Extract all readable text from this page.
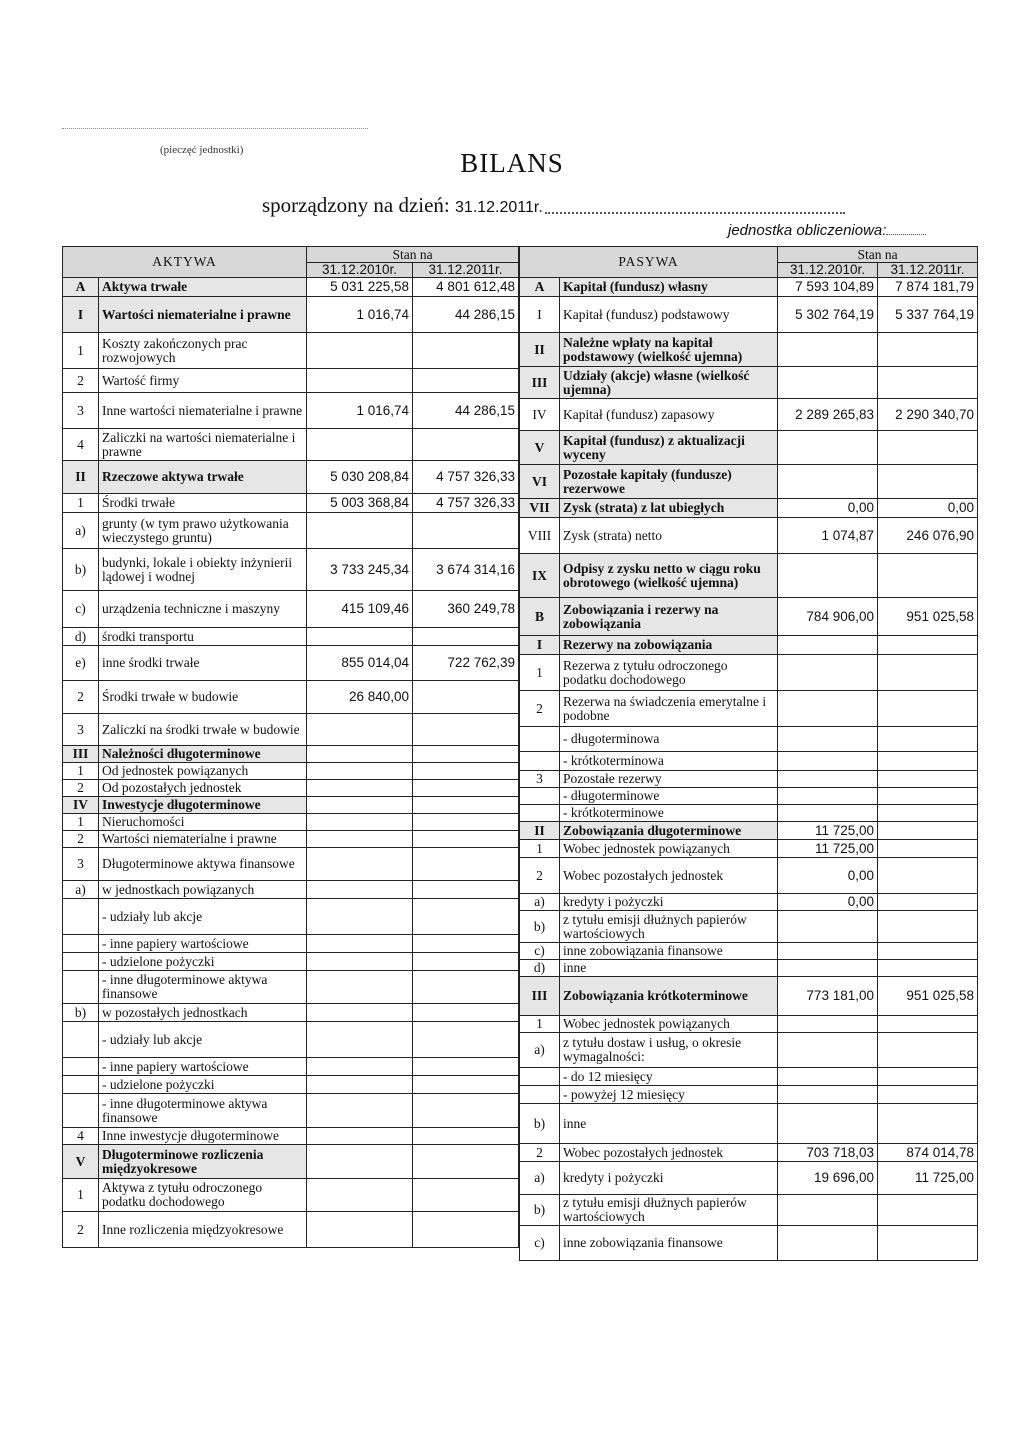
(pieczęć jednostki)	BILANS
sporządzony na dzień: 31.12.2011r.
jednostka obliczeniowa:
AKTYWA		Stan na	
		31.12.2010r.	31.12.2011r.
A	Aktywa trwałe	5 031 225,58	4 801 612,48
I	Wartości niematerialne i prawne	1 016,74	44 286,15
1	Koszty zakończonych prac rozwojowych		
2	Wartość firmy		
3	Inne wartości niematerialne i prawne	1 016,74	44 286,15
4	Zaliczki na wartości niematerialne i prawne		
II	Rzeczowe aktywa trwałe	5 030 208,84	4 757 326,33
1	Środki trwałe	5 003 368,84	4 757 326,33
a)	grunty (w tym prawo użytkowania wieczystego gruntu)		
b)	budynki, lokale i obiekty inżynierii lądowej i wodnej	3 733 245,34	3 674 314,16
c)	urządzenia techniczne i maszyny	415 109,46	360 249,78
d)	środki transportu		
e)	inne środki trwałe	855 014,04	722 762,39
2	Środki trwałe w budowie	26 840,00	
3	Zaliczki na środki trwałe w budowie		
III	Należności długoterminowe		
1	Od jednostek powiązanych		
2	Od pozostałych jednostek		
IV	Inwestycje długoterminowe		
1	Nieruchomości		
2	Wartości niematerialne i prawne		
3	Długoterminowe aktywa finansowe		
a)	w jednostkach powiązanych		
	- udziały lub akcje		
	- inne papiery wartościowe		
	- udzielone pożyczki		
	- inne długoterminowe aktywa finansowe		
b)	w pozostałych jednostkach		
	- udziały lub akcje		
	- inne papiery wartościowe		
	- udzielone pożyczki		
	- inne długoterminowe aktywa finansowe		
4	Inne inwestycje długoterminowe		
V	Długoterminowe rozliczenia międzyokresowe		
1	Aktywa z tytułu odroczonego podatku dochodowego		
2	Inne rozliczenia międzyokresowe		
PASYWA		Stan na	
		31.12.2010r.	31.12.2011r.
A	Kapitał (fundusz) własny	7 593 104,89	7 874 181,79
I	Kapitał (fundusz) podstawowy	5 302 764,19	5 337 764,19
II	Należne wpłaty na kapitał podstawowy (wielkość ujemna)		
III	Udziały (akcje) własne (wielkość ujemna)		
IV	Kapitał (fundusz) zapasowy	2 289 265,83	2 290 340,70
V	Kapitał (fundusz) z aktualizacji wyceny		
VI	Pozostałe kapitały (fundusze) rezerwowe		
VII	Zysk (strata) z lat ubiegłych	0,00	0,00
VIII	Zysk (strata) netto	1 074,87	246 076,90
IX	Odpisy z zysku netto w ciągu roku obrotowego (wielkość ujemna)		
B	Zobowiązania i rezerwy na zobowiązania	784 906,00	951 025,58
I	Rezerwy na zobowiązania		
1	Rezerwa z tytułu odroczonego podatku dochodowego		
2	Rezerwa na świadczenia emerytalne i podobne		
	- długoterminowa		
	- krótkoterminowa		
3	Pozostałe rezerwy		
	- długoterminowe		
	- krótkoterminowe		
II	Zobowiązania długoterminowe	11 725,00	
1	Wobec jednostek powiązanych	11 725,00	
2	Wobec pozostałych jednostek	0,00	
a)	kredyty i pożyczki	0,00	
b)	z tytułu emisji dłużnych papierów wartościowych		
c)	inne zobowiązania finansowe		
d)	inne		
III	Zobowiązania krótkoterminowe	773 181,00	951 025,58
1	Wobec jednostek powiązanych		
a)	z tytułu dostaw i usług, o okresie wymagalności:		
	- do 12 miesięcy		
	- powyżej 12 miesięcy		
b)	inne		
2	Wobec pozostałych jednostek	703 718,03	874 014,78
a)	kredyty i pożyczki	19 696,00	11 725,00
b)	z tytułu emisji dłużnych papierów wartościowych		
c)	inne zobowiązania finansowe		
